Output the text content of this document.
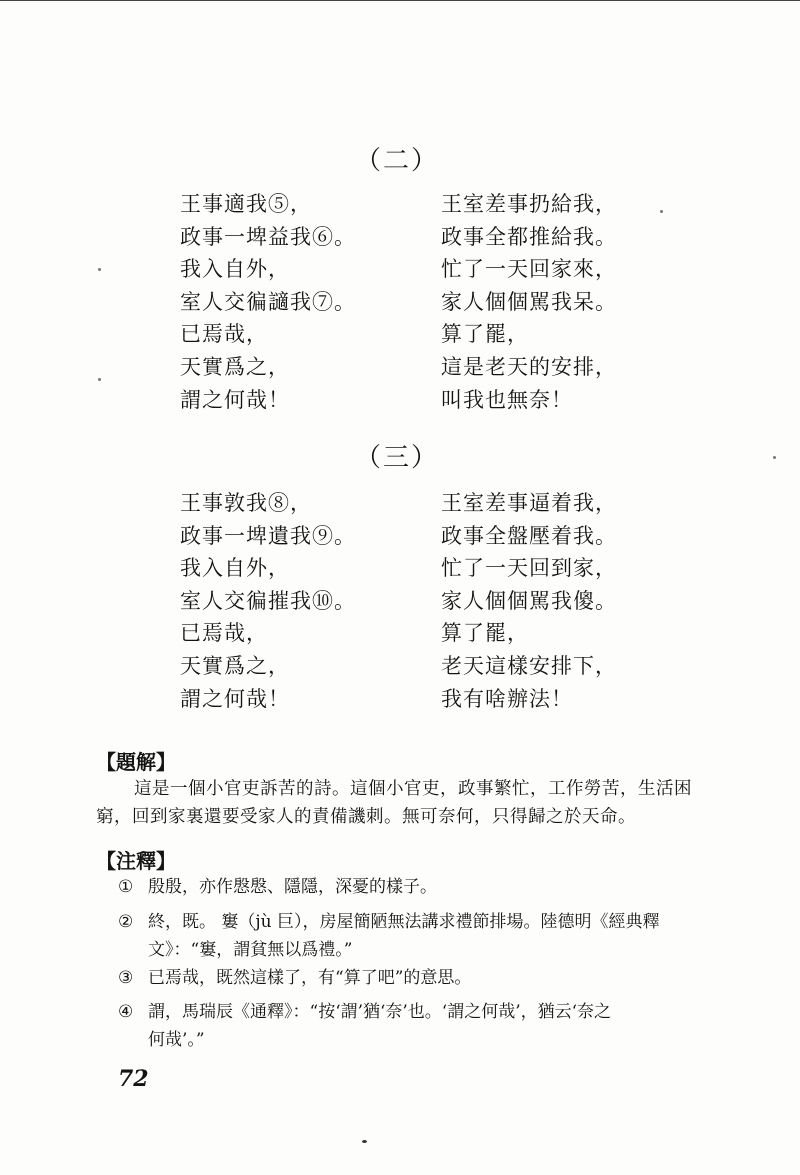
（二）
王事適我⑤，
政事一埤益我⑥。
我入自外，
室人交徧讁我⑦。
已焉哉，
天實爲之，
謂之何哉！
王室差事扔給我，
政事全都推給我。
忙了一天回家來，
家人個個駡我呆。
算了罷，
這是老天的安排，
叫我也無奈！
（三）
王事敦我⑧，
政事一埤遺我⑨。
我入自外，
室人交徧摧我⑩。
已焉哉，
天實爲之，
謂之何哉！
王室差事逼着我，
政事全盤壓着我。
忙了一天回到家，
家人個個駡我傻。
算了罷，
老天這樣安排下，
我有啥辦法！
【題解】
這是一個小官吏訴苦的詩。這個小官吏，政事繁忙，工作勞苦，生活困
窮，回到家裏還要受家人的責備譏刺。無可奈何，只得歸之於天命。
【注釋】
① 殷殷，亦作慇慇、隱隱，深憂的樣子。
② 終，既。 窶（jù 巨），房屋簡陋無法講求禮節排場。陸德明《經典釋
文》：“窶，謂貧無以爲禮。”
③ 已焉哉，既然這樣了，有“算了吧”的意思。
④ 謂，馬瑞辰《通釋》：“按‘謂’猶‘奈’也。‘謂之何哉’，猶云‘奈之
何哉’。”
72
